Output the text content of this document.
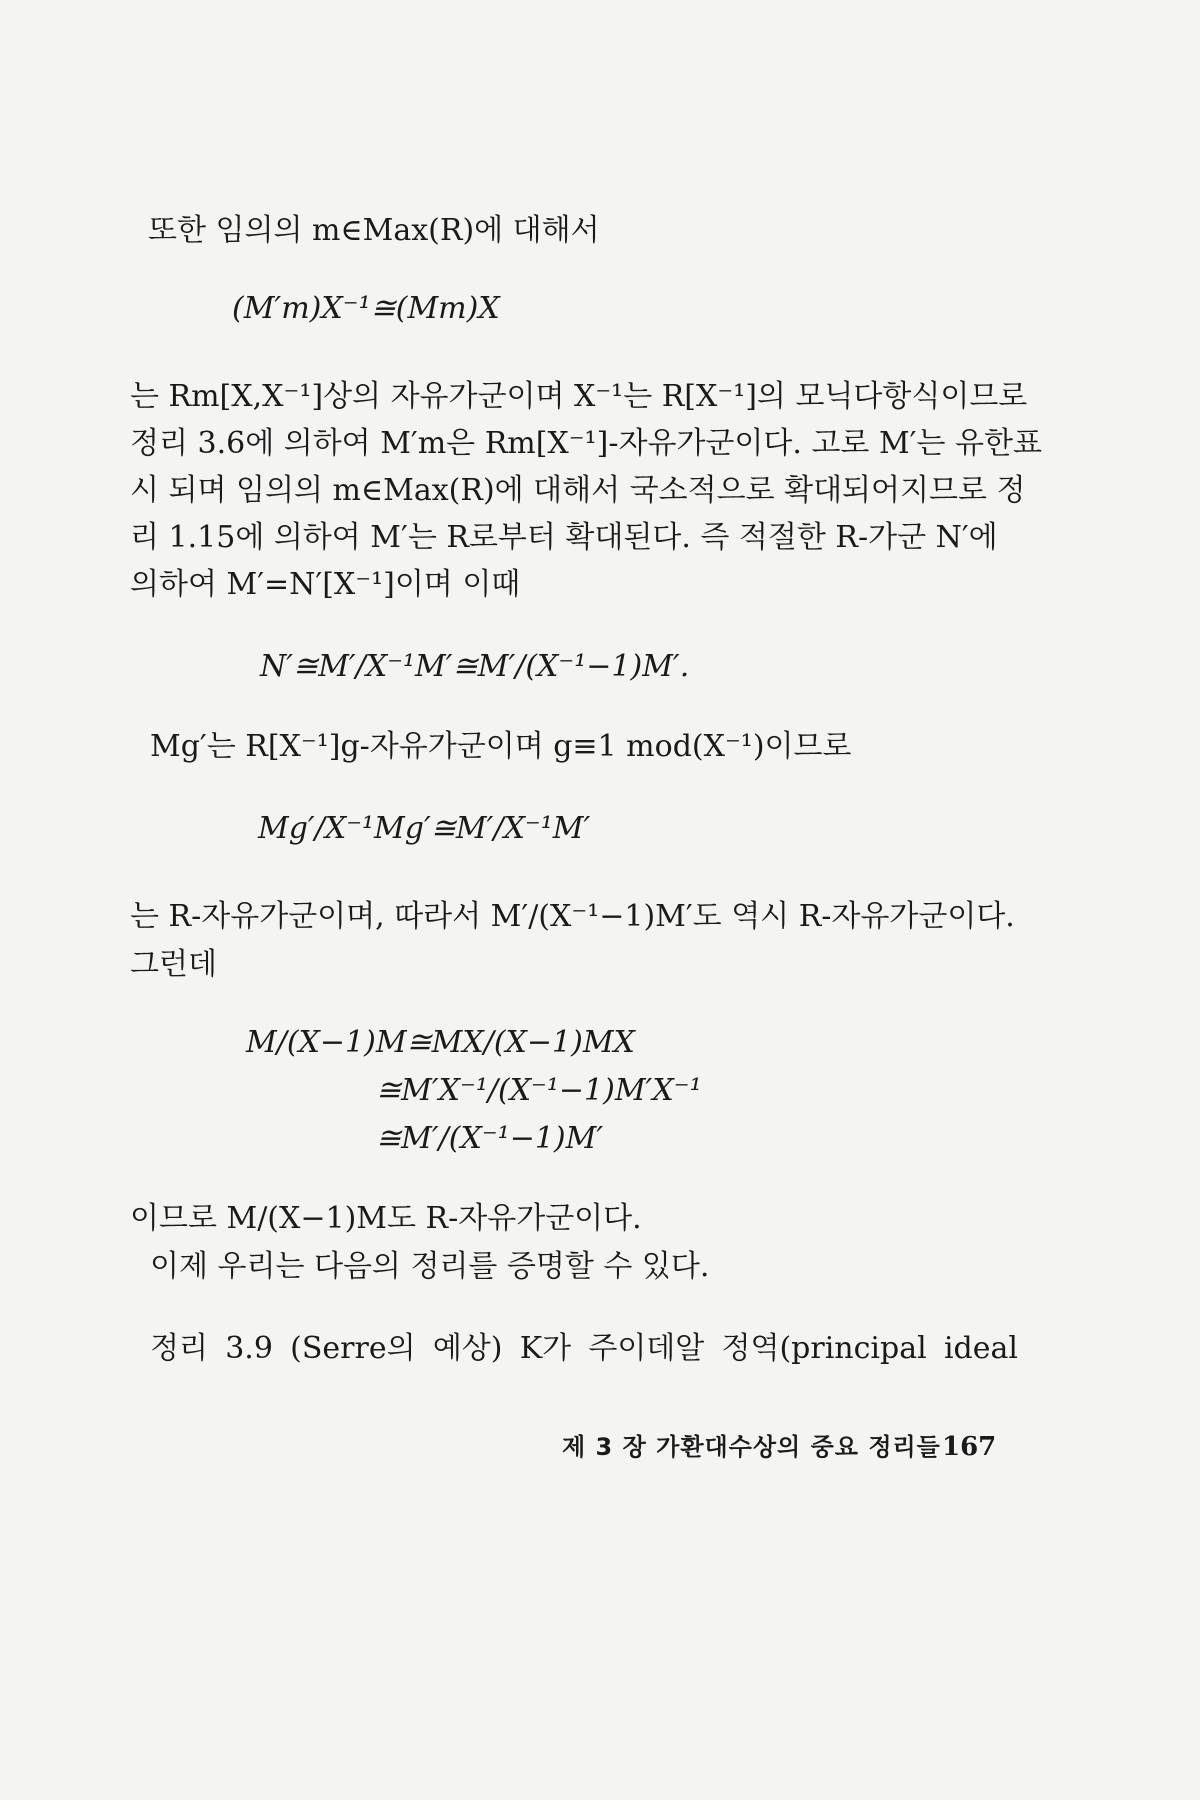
또한 임의의 m∈Max(R)에 대해서
(M′m)X⁻¹≅(Mm)X
는 Rm[X,X⁻¹]상의 자유가군이며 X⁻¹는 R[X⁻¹]의 모닉다항식이므로
정리 3.6에 의하여 M′m은 Rm[X⁻¹]-자유가군이다. 고로 M′는 유한표
시 되며 임의의 m∈Max(R)에 대해서 국소적으로 확대되어지므로 정
리 1.15에 의하여 M′는 R로부터 확대된다. 즉 적절한 R-가군 N′에
의하여 M′=N′[X⁻¹]이며 이때
N′≅M′/X⁻¹M′≅M′/(X⁻¹−1)M′.
Mg′는 R[X⁻¹]g-자유가군이며 g≡1 mod(X⁻¹)이므로
Mg′/X⁻¹Mg′≅M′/X⁻¹M′
는 R-자유가군이며, 따라서 M′/(X⁻¹−1)M′도 역시 R-자유가군이다.
그런데
M/(X−1)M≅MX/(X−1)MX
≅M′X⁻¹/(X⁻¹−1)M′X⁻¹
≅M′/(X⁻¹−1)M′
이므로 M/(X−1)M도 R-자유가군이다.
이제 우리는 다음의 정리를 증명할 수 있다.
정리 3.9 (Serre의 예상) K가 주이데알 정역(principal ideal
제 3 장 가환대수상의 중요 정리들 167
